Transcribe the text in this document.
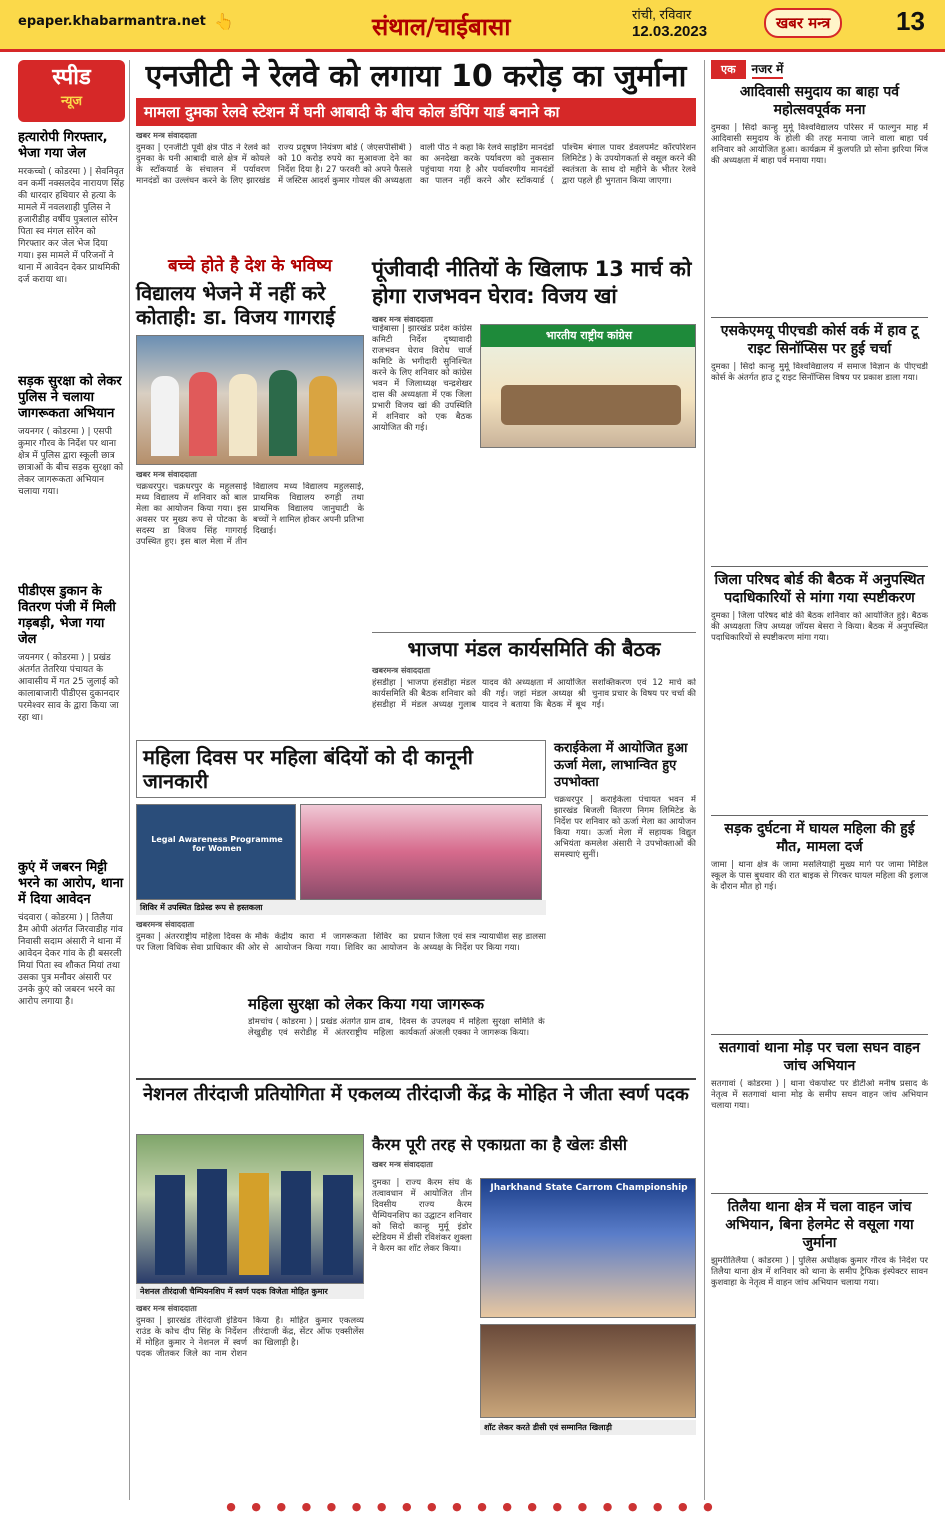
epaper.khabarmantra.net 👆	संथाल/चाईबासा	रांची, रविवार
12.03.2023	खबर मन्त्र	13
स्पीड
न्यूज
हत्यारोपी गिरफ्तार, भेजा गया जेल
मरकच्चो ( कोडरमा ) | सेवनिवृत वन कर्मी नक्सलदेव नारायण सिंह की धारदार हथियार से हत्या के मामले में नवलशाही पुलिस ने हजारीडीह वर्षीय पुत्रलाल सोरेन पिता स्व मंगल सोरेन को गिरफ्तार कर जेल भेज दिया गया। इस मामले में परिजनों ने थाना में आवेदन देकर प्राथमिकी दर्ज कराया था।
सड़क सुरक्षा को लेकर पुलिस ने चलाया जागरूकता अभियान
जयनगर ( कोडरमा ) | एसपी कुमार गौरव के निर्देश पर थाना क्षेत्र में पुलिस द्वारा स्कूली छात्र छात्राओं के बीच सड़क सुरक्षा को लेकर जागरूकता अभियान चलाया गया।
पीडीएस डुकान के वितरण पंजी में मिली गड़बड़ी, भेजा गया जेल
जयनगर ( कोडरमा ) | प्रखंड अंतर्गत तेतरिया पंचायत के आवासीय में गत 25 जुलाई को कालाबाजारी पीडीएस दुकानदार परमेश्वर साव के द्वारा किया जा रहा था।
कुएं में जबरन मिट्टी भरने का आरोप, थाना में दिया आवेदन
चंदवारा ( कोडरमा ) | तिलैया डैम ओपी अंतर्गत जिरवाडीह गांव निवासी सदाम अंसारी ने थाना में आवेदन देकर गांव के ही बसरली मियां पिता स्व शौकत मियां तथा उसका पुत्र मनौवर अंसारी पर उनके कुएं को जबरन भरने का आरोप लगाया है।
एनजीटी ने रेलवे को लगाया 10 करोड़ का जुर्माना
मामला दुमका रेलवे स्टेशन में घनी आबादी के बीच कोल डंपिंग यार्ड बनाने का
खबर मन्त्र संवाददाता
दुमका | एनजीटी पूर्वी क्षेत्र पीठ ने रेलवे को दुमका के घनी आबादी वाले क्षेत्र में कोयले के स्टॉकयार्ड के संचालन में पर्यावरण मानदंडों का उल्लंघन करने के लिए झारखंड राज्य प्रदूषण नियंत्रण बोर्ड ( जेएसपीसीबी ) को 10 करोड़ रुपये का मुआवजा देने का निर्देश दिया है। 27 फरवरी को अपने फैसले में जस्टिस आदर्श कुमार गोयल की अध्यक्षता वाली पीठ ने कहा कि रेलवे साइडिंग मानदंडों का अनदेखा करके पर्यावरण को नुकसान पहुंचाया गया है और पर्यावरणीय मानदंडों का पालन नहीं करने और स्टॉकयार्ड ( पश्चिम बंगाल पावर डेवलपमेंट कॉरपोरेशन लिमिटेड ) के उपयोगकर्ता से वसूल करने की स्वतंत्रता के साथ दो महीने के भीतर रेलवे द्वारा पहले ही भुगतान किया जाएगा।
बच्चे होते है देश के भविष्य
विद्यालय भेजने में नहीं करे कोताही: डा. विजय गागराई
खबर मन्त्र संवाददाता
चक्रधरपुर। चक्रधरपुर के महुलसाई मध्य विद्यालय में शनिवार को बाल मेला का आयोजन किया गया। इस अवसर पर मुख्य रूप से पोटका के सदस्य डा विजय सिंह गागराई उपस्थित हुए। इस बाल मेला में तीन विद्यालय मध्य विद्यालय महुलसाई, प्राथमिक विद्यालय रुगड़ी तथा प्राथमिक विद्यालय जानुघाटी के बच्चों ने शामिल होकर अपनी प्रतिभा दिखाई।
पूंजीवादी नीतियों के खिलाफ 13 मार्च को होगा राजभवन घेराव: विजय खां
खबर मन्त्र संवाददाता
चाईबासा | झारखंड प्रदेश कांग्रेस कमिटी निर्देश दृष्यावादी राजभवन घेराव विरोध चार्ज कमिटि के भगीदारी सुनिश्चित करने के लिए शनिवार को कांग्रेस भवन में जिलाध्यक्ष चन्द्रशेखर दास की अध्यक्षता में एक जिला प्रभारी विजय खां की उपस्थिति में शनिवार को एक बैठक आयोजित की गई।
भारतीय राष्ट्रीय कांग्रेस
भाजपा मंडल कार्यसमिति की बैठक
खबरमन्त्र संवाददाता
हंसडीहा | भाजपा हंसडीहा मंडल कार्यसमिति की बैठक शनिवार को हंसडीहा में मंडल अध्यक्ष गुलाब यादव की अध्यक्षता में आयोजित की गई। जहां मंडल अध्यक्ष श्री यादव ने बताया कि बैठक में बूथ सशक्तिकरण एवं 12 मार्च को चुनाव प्रचार के विषय पर चर्चा की गई।
महिला दिवस पर महिला बंदियों को दी कानूनी जानकारी
Legal Awareness Programme for Women
शिविर में उपस्थित डिप्रेस्ड रूप से हस्तकला
खबरमन्त्र संवाददाता
दुमका | अंतरराष्ट्रीय महिला दिवस के मौके पर जिला विधिक सेवा प्राधिकार की ओर से केंद्रीय कारा में जागरूकता शिविर का आयोजन किया गया। शिविर का आयोजन प्रधान जिला एवं सत्र न्यायाधीश सह डालसा के अध्यक्ष के निर्देश पर किया गया।
कराईकेला में आयोजित हुआ ऊर्जा मेला, लाभान्वित हुए उपभोक्ता
चक्रधरपुर | कराईकेला पंचायत भवन में झारखंड बिजली वितरण निगम लिमिटेड के निर्देश पर शनिवार को ऊर्जा मेला का आयोजन किया गया। ऊर्जा मेला में सहायक विद्युत अभियंता कमलेश अंसारी ने उपभोक्ताओं की समस्याएं सुनीं।
महिला सुरक्षा को लेकर किया गया जागरूक
डोमचांच ( कोडरमा ) | प्रखंड अंतर्गत ग्राम ढाब, लेखुडीह एवं सरोडीह में अंतरराष्ट्रीय महिला दिवस के उपलक्ष्य में महिला सुरक्षा समिति के कार्यकर्ता अंजली एक्का ने जागरूक किया।
नेशनल तीरंदाजी प्रतियोगिता में एकलव्य तीरंदाजी केंद्र के मोहित ने जीता स्वर्ण पदक
नेशनल तीरंदाजी चैम्पियनशिप में स्वर्ण पदक विजेता मोहित कुमार
खबर मन्त्र संवाददाता
दुमका | झारखंड तीरंदाजी इंडियन राउंड के कोच दीप सिंह के निर्देशन में मोहित कुमार ने नेशनल में स्वर्ण पदक जीतकर जिले का नाम रोशन किया है। मोहित कुमार एकलव्य तीरंदाजी केंद्र, सेंटर ऑफ एक्सीलेंस का खिलाड़ी है।
कैरम पूरी तरह से एकाग्रता का है खेलः डीसी
खबर मन्त्र संवाददाता
दुमका | राज्य कैरम संघ के तत्वावधान में आयोजित तीन दिवसीय राज्य कैरम चैम्पियनशिप का उद्घाटन शनिवार को सिदो कान्हू मुर्मू इंडोर स्टेडियम में डीसी रविशंकर शुक्ला ने कैरम का शॉट लेकर किया।
Jharkhand State Carrom Championship
शॉट लेकर करते डीसी एवं सम्मानित खिलाड़ी
एक	नजर में
आदिवासी समुदाय का बाहा पर्व महोत्सवपूर्वक मना
दुमका | सिदो कान्हु मुर्मू विश्वविद्यालय परिसर में फाल्गुन माह में आदिवासी समुदाय के होली की तरह मनाया जाने वाला बाहा पर्व शनिवार को आयोजित हुआ। कार्यक्रम में कुलपति प्रो सोना झरिया मिंज की अध्यक्षता में बाहा पर्व मनाया गया।
एसकेएमयू पीएचडी कोर्स वर्क में हाव टू राइट सिनॉप्सिस पर हुई चर्चा
दुमका | सिदो कान्हु मुर्मू विश्वविद्यालय में समाज विज्ञान के पीएचडी कोर्स के अंतर्गत हाउ टू राइट सिनॉप्सिस विषय पर प्रकाश डाला गया।
जिला परिषद बोर्ड की बैठक में अनुपस्थित पदाधिकारियों से मांगा गया स्पष्टीकरण
दुमका | जिला परिषद बोर्ड की बैठक शनिवार को आयोजित हुई। बैठक की अध्यक्षता जिप अध्यक्ष जॉयस बेसरा ने किया। बैठक में अनुपस्थित पदाधिकारियों से स्पष्टीकरण मांगा गया।
सड़क दुर्घटना में घायल महिला की हुई मौत, मामला दर्ज
जामा | थाना क्षेत्र के जामा मसलियाही मुख्य मार्ग पर जामा मिडिल स्कूल के पास बुधवार की रात बाइक से गिरकर घायल महिला की इलाज के दौरान मौत हो गई।
सतगावां थाना मोड़ पर चला सघन वाहन जांच अभियान
सतगावां ( कोडरमा ) | थाना चेकपोस्ट पर डीटीओ मनीष प्रसाद के नेतृत्व में सतगावां थाना मोड़ के समीप सघन वाहन जांच अभियान चलाया गया।
तिलैया थाना क्षेत्र में चला वाहन जांच अभियान, बिना हेलमेट से वसूला गया जुर्माना
झुमरीतिलैया ( कोडरमा ) | पुलिस अधीक्षक कुमार गौरव के निर्देश पर तिलैया थाना क्षेत्र में शनिवार को थाना के समीप ट्रैफिक इंस्पेक्टर सावन कुशवाहा के नेतृत्व में वाहन जांच अभियान चलाया गया।
● ● ● ● ● ● ● ● ● ● ● ● ● ● ● ● ● ● ● ●
